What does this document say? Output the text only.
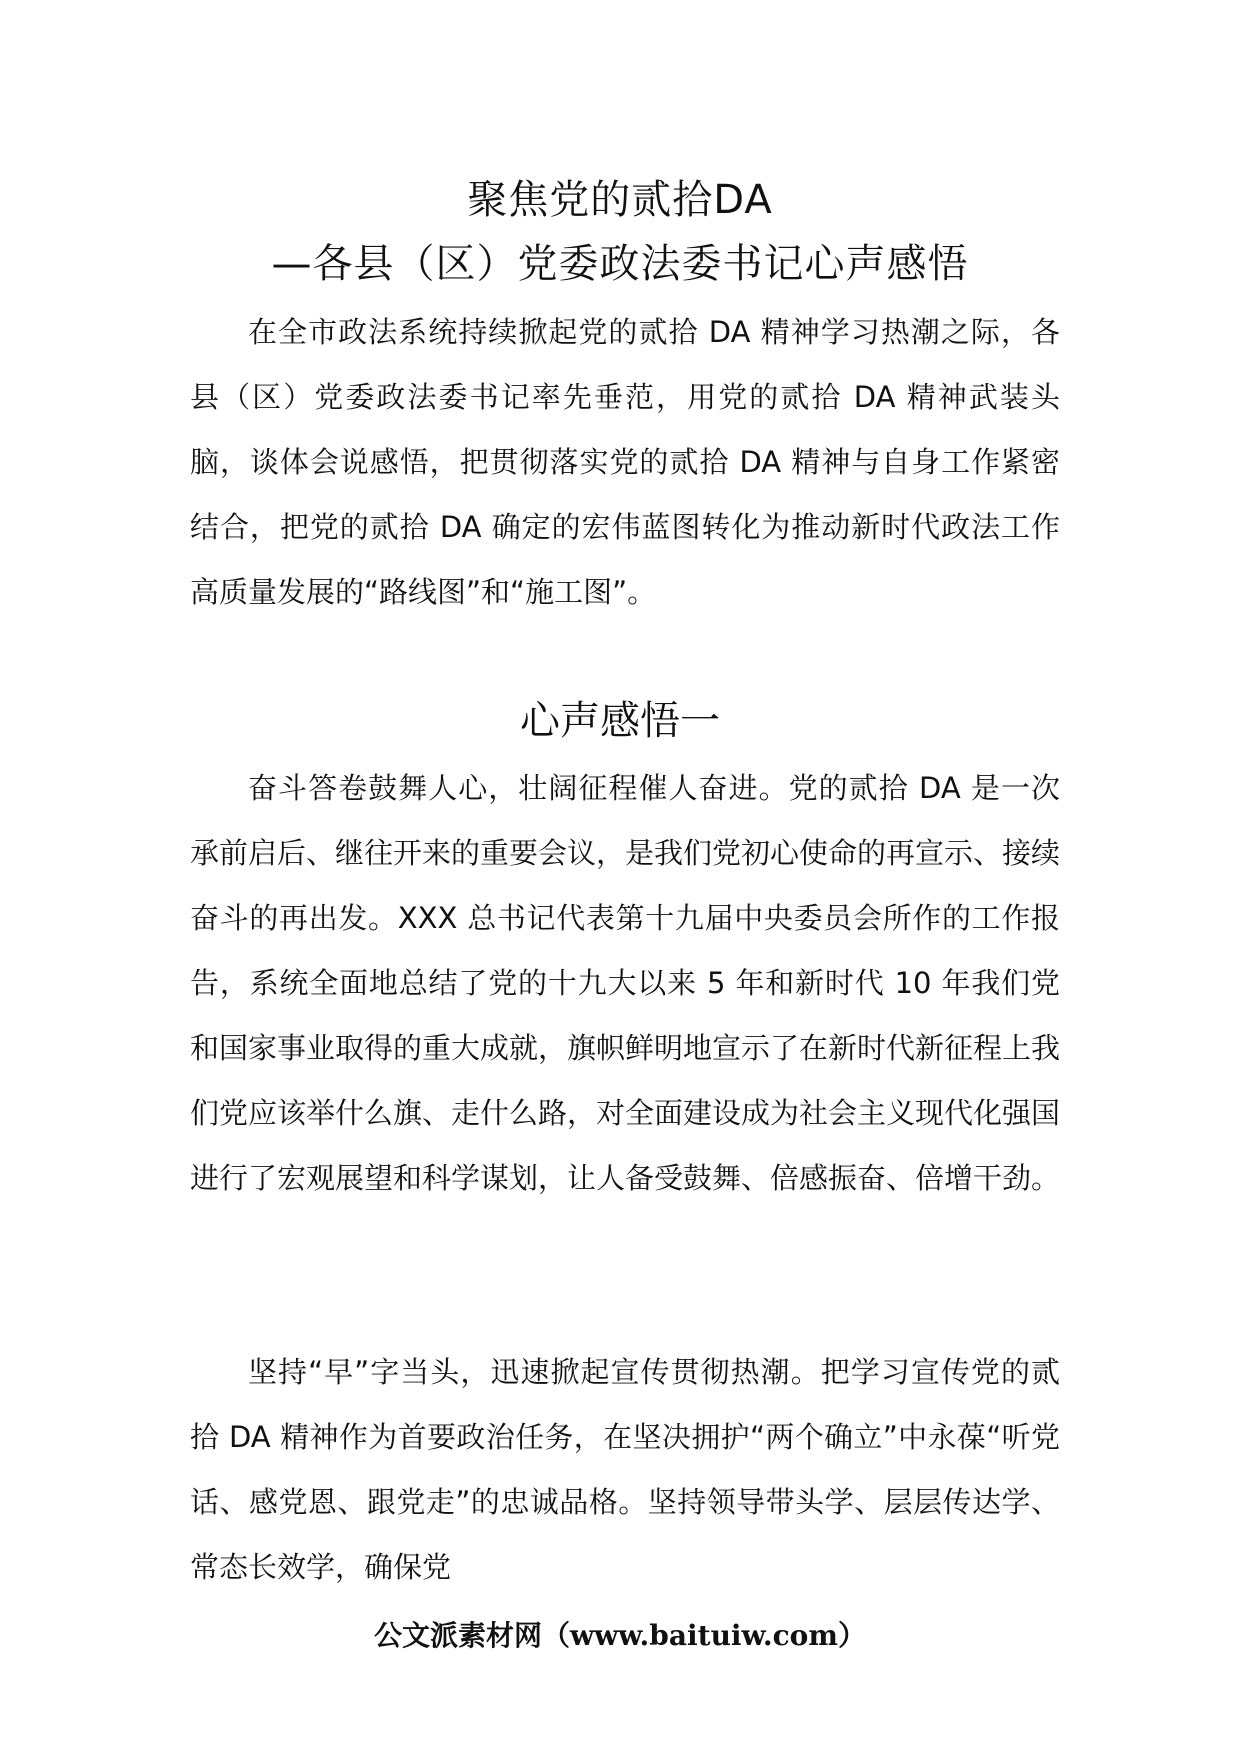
聚焦党的贰拾DA
—各县（区）党委政法委书记心声感悟

在全市政法系统持续掀起党的贰拾 DA 精神学习热潮之际，各县（区）党委政法委书记率先垂范，用党的贰拾 DA 精神武装头脑，谈体会说感悟，把贯彻落实党的贰拾 DA 精神与自身工作紧密结合，把党的贰拾 DA 确定的宏伟蓝图转化为推动新时代政法工作高质量发展的“路线图”和“施工图”。

心声感悟一

奋斗答卷鼓舞人心，壮阔征程催人奋进。党的贰拾 DA 是一次承前启后、继往开来的重要会议，是我们党初心使命的再宣示、接续奋斗的再出发。XXX 总书记代表第十九届中央委员会所作的工作报告，系统全面地总结了党的十九大以来 5 年和新时代 10 年我们党和国家事业取得的重大成就，旗帜鲜明地宣示了在新时代新征程上我们党应该举什么旗、走什么路，对全面建设成为社会主义现代化强国进行了宏观展望和科学谋划，让人备受鼓舞、倍感振奋、倍增干劲。

坚持“早”字当头，迅速掀起宣传贯彻热潮。把学习宣传党的贰拾 DA 精神作为首要政治任务，在坚决拥护“两个确立”中永葆“听党话、感党恩、跟党走”的忠诚品格。坚持领导带头学、层层传达学、常态长效学，确保党

公文派素材网（www.baituiw.com）
